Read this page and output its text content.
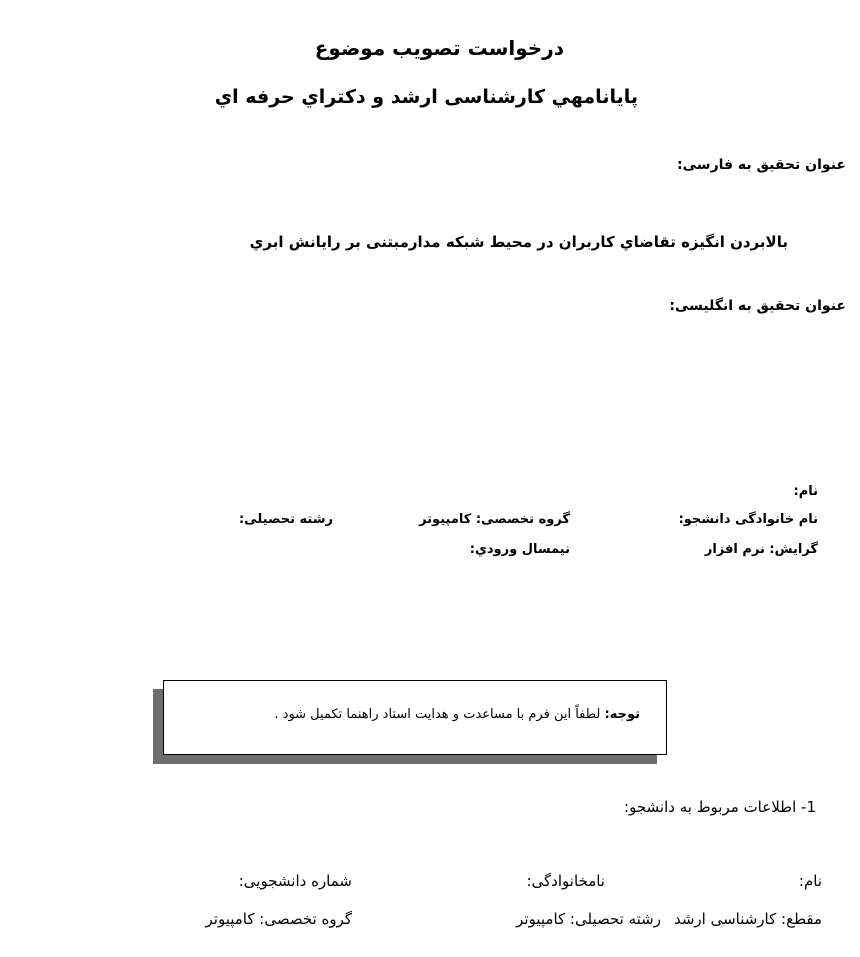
درخواست تصويب موضوع
پايانامهي كارشناسی ارشد و دكتراي حرفه اي
عنوان تحقيق به فارسی:
بالابردن انگيزه تقاضاي كاربران در محيط شبكه مدارمبتنی بر رايانش ابري
عنوان تحقيق به انگليسی:
نام:
نام خانوادگی دانشجو:
گروه تخصصی: كامپيوتر
رشته تحصيلی:
گرايش: نرم افزار
نيمسال ورودي:
توجه: لطفاً اين فرم با مساعدت و هدايت استاد راهنما تكميل شود .
1- اطلاعات مربوط به دانشجو:
نام:
نامخانوادگی:
شماره دانشجويی:
مقطع: كارشناسی ارشد
رشته تحصيلی: كامپيوتر
گروه تخصصی: كامپيوتر
